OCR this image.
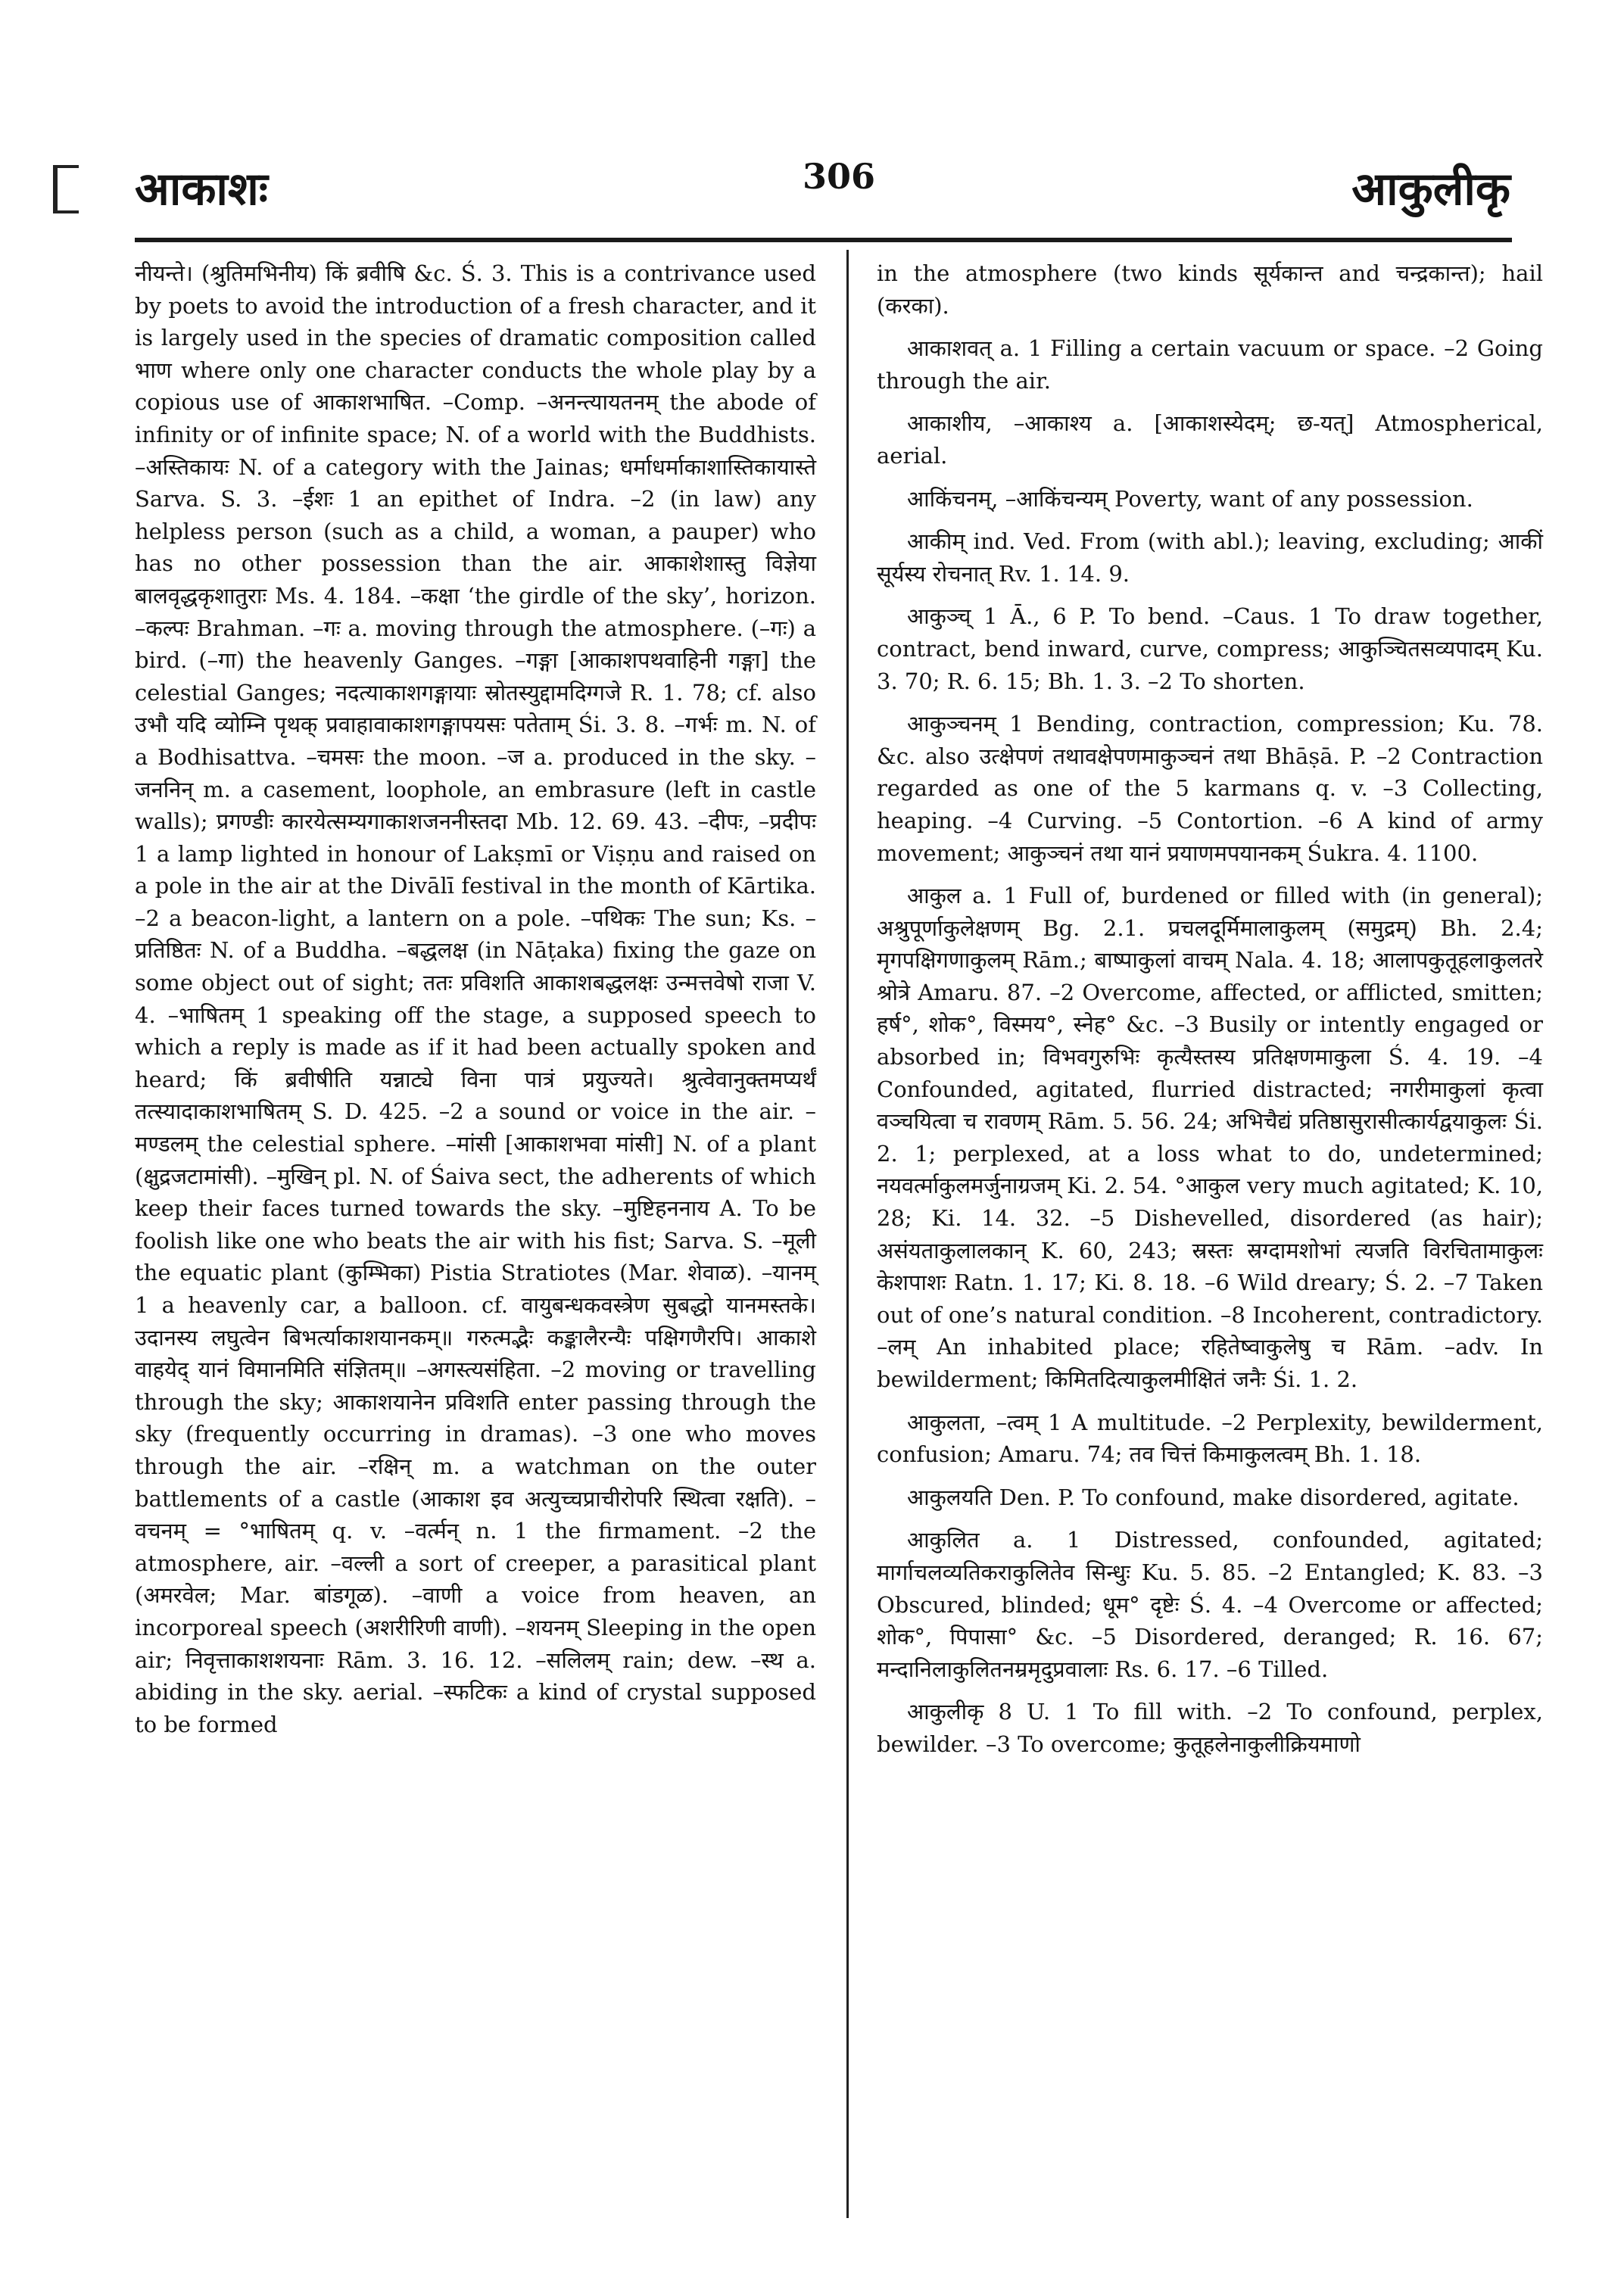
आकाशः	306	आकुलीकृ

नीयन्ते। (श्रुतिमभिनीय) किं ब्रवीषि &c. Ś. 3. This is a contrivance used by poets to avoid the introduction of a fresh character, and it is largely used in the species of dramatic composition called भाण where only one character conducts the whole play by a copious use of आकाशभाषित. –Comp. –अनन्त्यायतनम् the abode of infinity or of infinite space; N. of a world with the Buddhists. –अस्तिकायः N. of a category with the Jainas; धर्माधर्माकाशास्तिकायास्ते Sarva. S. 3. –ईशः 1 an epithet of Indra. –2 (in law) any helpless person (such as a child, a woman, a pauper) who has no other possession than the air. आकाशेशास्तु विज्ञेया बालवृद्धकृशातुराः Ms. 4. 184. –कक्षा ‘the girdle of the sky’, horizon. –कल्पः Brahman. –गः a. moving through the atmosphere. (–गः) a bird. (–गा) the heavenly Ganges. –गङ्गा [आकाशपथवाहिनी गङ्गा] the celestial Ganges; नदत्याकाशगङ्गायाः स्रोतस्युद्दामदिग्गजे R. 1. 78; cf. also उभौ यदि व्योम्नि पृथक् प्रवाहावाकाशगङ्गापयसः पतेताम् Śi. 3. 8. –गर्भः m. N. of a Bodhisattva. –चमसः the moon. –ज a. produced in the sky. –जननिन् m. a casement, loophole, an embrasure (left in castle walls); प्रगण्डीः कारयेत्सम्यगाकाशजननीस्तदा Mb. 12. 69. 43. –दीपः, –प्रदीपः 1 a lamp lighted in honour of Lakṣmī or Viṣṇu and raised on a pole in the air at the Divālī festival in the month of Kārtika. –2 a beacon-light, a lantern on a pole. –पथिकः The sun; Ks. –प्रतिष्ठितः N. of a Buddha. –बद्धलक्ष (in Nāṭaka) fixing the gaze on some object out of sight; ततः प्रविशति आकाशबद्धलक्षः उन्मत्तवेषो राजा V. 4. –भाषितम् 1 speaking off the stage, a supposed speech to which a reply is made as if it had been actually spoken and heard; किं ब्रवीषीति यन्नाट्ये विना पात्रं प्रयुज्यते। श्रुत्वेवानुक्तमप्यर्थं तत्स्यादाकाशभाषितम् S. D. 425. –2 a sound or voice in the air. –मण्डलम् the celestial sphere. –मांसी [आकाशभवा मांसी] N. of a plant (क्षुद्रजटामांसी). –मुखिन् pl. N. of Śaiva sect, the adherents of which keep their faces turned towards the sky. –मुष्टिहननाय A. To be foolish like one who beats the air with his fist; Sarva. S. –मूली the equatic plant (कुम्भिका) Pistia Stratiotes (Mar. शेवाळ). –यानम् 1 a heavenly car, a balloon. cf. वायुबन्धकवस्त्रेण सुबद्धो यानमस्तके। उदानस्य लघुत्वेन बिभर्त्याकाशयानकम्॥ गरुत्मद्भैः कङ्कालैरन्यैः पक्षिगणैरपि। आकाशे वाहयेद् यानं विमानमिति संज्ञितम्॥ –अगस्त्यसंहिता. –2 moving or travelling through the sky; आकाशयानेन प्रविशति enter passing through the sky (frequently occurring in dramas). –3 one who moves through the air. –रक्षिन् m. a watchman on the outer battlements of a castle (आकाश इव अत्युच्चप्राचीरोपरि स्थित्वा रक्षति). –वचनम् = °भाषितम् q. v. –वर्त्मन् n. 1 the firmament. –2 the atmosphere, air. –वल्ली a sort of creeper, a parasitical plant (अमरवेल; Mar. बांडगूळ). –वाणी a voice from heaven, an incorporeal speech (अशरीरिणी वाणी). –शयनम् Sleeping in the open air; निवृत्ताकाशशयनाः Rām. 3. 16. 12. –सलिलम् rain; dew. –स्थ a. abiding in the sky. aerial. –स्फटिकः a kind of crystal supposed to be formed

in the atmosphere (two kinds सूर्यकान्त and चन्द्रकान्त); hail (करका).

आकाशवत् a. 1 Filling a certain vacuum or space. –2 Going through the air.

आकाशीय, –आकाश्य a. [आकाशस्येदम्; छ-यत्] Atmospherical, aerial.

आकिंचनम्, –आकिंचन्यम् Poverty, want of any possession.

आकीम् ind. Ved. From (with abl.); leaving, excluding; आकीं सूर्यस्य रोचनात् Rv. 1. 14. 9.

आकुञ्च् 1 Ā., 6 P. To bend. –Caus. 1 To draw together, contract, bend inward, curve, compress; आकुञ्चितसव्यपादम् Ku. 3. 70; R. 6. 15; Bh. 1. 3. –2 To shorten.

आकुञ्चनम् 1 Bending, contraction, compression; Ku. 78. &c. also उत्क्षेपणं तथावक्षेपणमाकुञ्चनं तथा Bhāṣā. P. –2 Contraction regarded as one of the 5 karmans q. v. –3 Collecting, heaping. –4 Curving. –5 Contortion. –6 A kind of army movement; आकुञ्चनं तथा यानं प्रयाणमपयानकम् Śukra. 4. 1100.

आकुल a. 1 Full of, burdened or filled with (in general); अश्रुपूर्णाकुलेक्षणम् Bg. 2.1. प्रचलदूर्मिमालाकुलम् (समुद्रम्) Bh. 2.4; मृगपक्षिगणाकुलम् Rām.; बाष्पाकुलां वाचम् Nala. 4. 18; आलापकुतूहलाकुलतरे श्रोत्रे Amaru. 87. –2 Overcome, affected, or afflicted, smitten; हर्ष°, शोक°, विस्मय°, स्नेह° &c. –3 Busily or intently engaged or absorbed in; विभवगुरुभिः कृत्यैस्तस्य प्रतिक्षणमाकुला Ś. 4. 19. –4 Confounded, agitated, flurried distracted; नगरीमाकुलां कृत्वा वञ्चयित्वा च रावणम् Rām. 5. 56. 24; अभिचैद्यं प्रतिष्ठासुरासीत्कार्यद्वयाकुलः Śi. 2. 1; perplexed, at a loss what to do, undetermined; नयवर्त्माकुलमर्जुनाग्रजम् Ki. 2. 54. °आकुल very much agitated; K. 10, 28; Ki. 14. 32. –5 Dishevelled, disordered (as hair); असंयताकुलालकान् K. 60, 243; स्रस्तः स्रग्दामशोभां त्यजति विरचितामाकुलः केशपाशः Ratn. 1. 17; Ki. 8. 18. –6 Wild dreary; Ś. 2. –7 Taken out of one’s natural condition. –8 Incoherent, contradictory. –लम् An inhabited place; रहितेष्वाकुलेषु च Rām. –adv. In bewilderment; किमितदित्याकुलमीक्षितं जनैः Śi. 1. 2.

आकुलता, –त्वम् 1 A multitude. –2 Perplexity, bewilderment, confusion; Amaru. 74; तव चित्तं किमाकुलत्वम् Bh. 1. 18.

आकुलयति Den. P. To confound, make disordered, agitate.

आकुलित a. 1 Distressed, confounded, agitated; मार्गाचलव्यतिकराकुलितेव सिन्धुः Ku. 5. 85. –2 Entangled; K. 83. –3 Obscured, blinded; धूम° दृष्टेः Ś. 4. –4 Overcome or affected; शोक°, पिपासा° &c. –5 Disordered, deranged; R. 16. 67; मन्दानिलाकुलितनम्रमृदुप्रवालाः Rs. 6. 17. –6 Tilled.

आकुलीकृ 8 U. 1 To fill with. –2 To confound, perplex, bewilder. –3 To overcome; कुतूहलेनाकुलीक्रियमाणो
